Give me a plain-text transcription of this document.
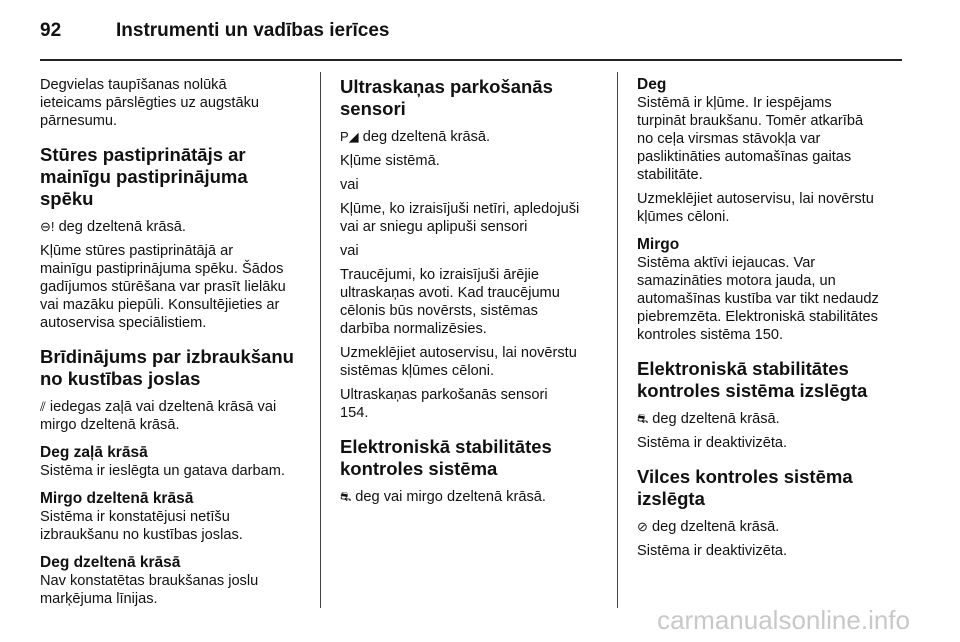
92	Instrumenti un vadības ierīces

Degvielas taupīšanas nolūkā
ieteicams pārslēgties uz augstāku
pārnesumu.

Stūres pastiprinātājs ar
mainīgu pastiprinājuma spēku

⊖! deg dzeltenā krāsā.

Kļūme stūres pastiprinātājā ar
mainīgu pastiprinājuma spēku. Šādos
gadījumos stūrēšana var prasīt lielāku
vai mazāku piepūli. Konsultējieties ar
autoservisa speciālistiem.

Brīdinājums par izbraukšanu
no kustības joslas

⫽ iedegas zaļā vai dzeltenā krāsā vai
mirgo dzeltenā krāsā.

Deg zaļā krāsā

Sistēma ir ieslēgta un gatava darbam.

Mirgo dzeltenā krāsā

Sistēma ir konstatējusi netīšu
izbraukšanu no kustības joslas.

Deg dzeltenā krāsā

Nav konstatētas braukšanas joslu
marķējuma līnijas.

Ultraskaņas parkošanās
sensori

P◢ deg dzeltenā krāsā.

Kļūme sistēmā.

vai

Kļūme, ko izraisījuši netīri, apledojuši
vai ar sniegu aplipuši sensori

vai

Traucējumi, ko izraisījuši ārējie
ultraskaņas avoti. Kad traucējumu
cēlonis būs novērsts, sistēmas
darbība normalizēsies.

Uzmeklējiet autoservisu, lai novērstu
sistēmas kļūmes cēloni.

Ultraskaņas parkošanās sensori
154.

Elektroniskā stabilitātes
kontroles sistēma

⛐ deg vai mirgo dzeltenā krāsā.

Deg

Sistēmā ir kļūme. Ir iespējams
turpināt braukšanu. Tomēr atkarībā
no ceļa virsmas stāvokļa var
pasliktināties automašīnas gaitas
stabilitāte.

Uzmeklējiet autoservisu, lai novērstu
kļūmes cēloni.

Mirgo

Sistēma aktīvi iejaucas. Var
samazināties motora jauda, un
automašīnas kustība var tikt nedaudz
piebremzēta. Elektroniskā stabilitātes
kontroles sistēma 150.

Elektroniskā stabilitātes
kontroles sistēma izslēgta

⛐ deg dzeltenā krāsā.

Sistēma ir deaktivizēta.

Vilces kontroles sistēma
izslēgta

⊘ deg dzeltenā krāsā.

Sistēma ir deaktivizēta.

carmanualsonline.info
